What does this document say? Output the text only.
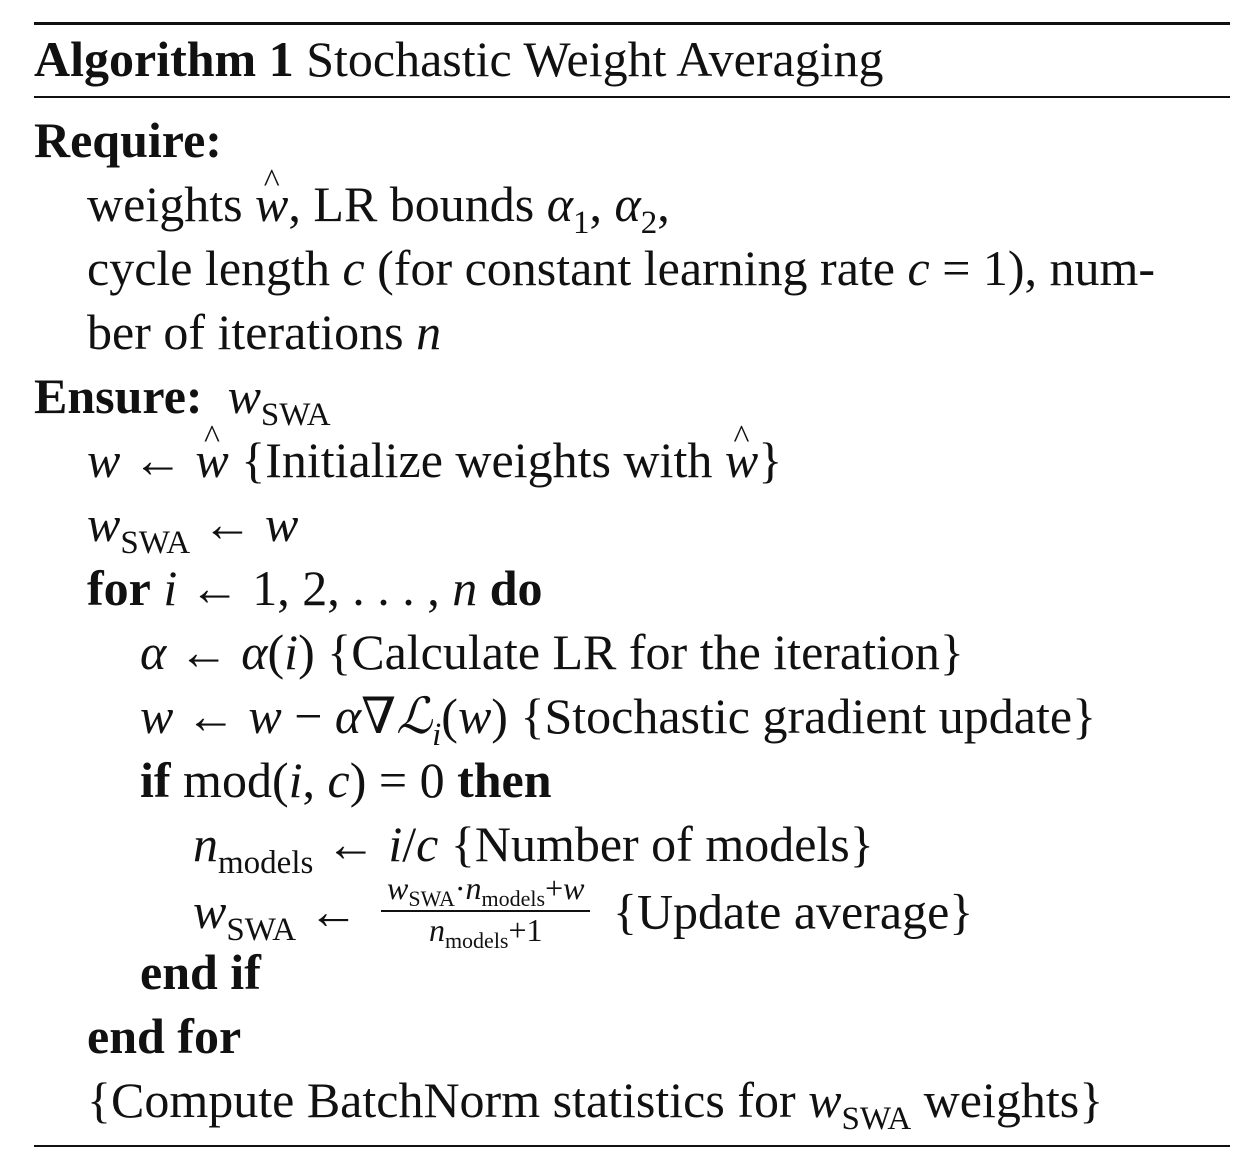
Algorithm 1 Stochastic Weight Averaging
Require:
weights w ^, LR bounds $\alpha_1$, $\alpha_2$,
cycle length c (for constant learning rate c = 1), num-
ber of iterations n
Ensure: $w_{SWA}$
w ← w ^ {Initialize weights with w ^}
$w_{SWA}$ ← w
for i ← 1, 2, . . . , n do
α ← α(i) {Calculate LR for the iteration}
w ← w − α∇ℒ$_i$(w) {Stochastic gradient update}
if mod(i, c) = 0 then
$n_{models}$ ← i/c {Number of models}
$w_{SWA}$ ← $\frac{w_{SWA}\cdot n_{models}+w}{n_{models}+1}$ {Update average}
end if
end for
{Compute BatchNorm statistics for $w_{SWA}$ weights}
